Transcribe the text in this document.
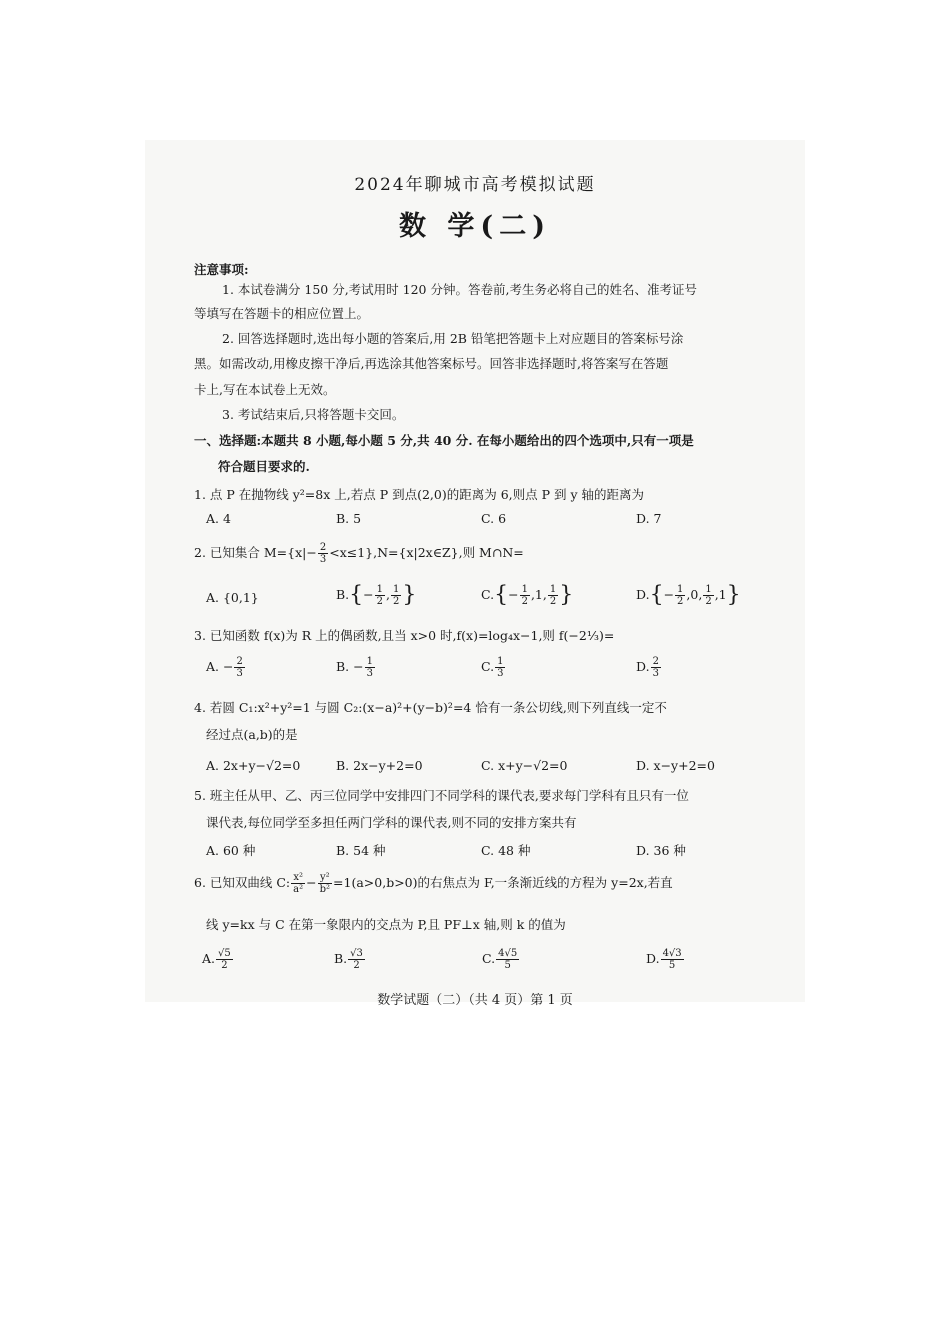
2024年聊城市高考模拟试题
数 学(二)
注意事项:
1. 本试卷满分 150 分,考试用时 120 分钟。答卷前,考生务必将自己的姓名、准考证号
等填写在答题卡的相应位置上。
2. 回答选择题时,选出每小题的答案后,用 2B 铅笔把答题卡上对应题目的答案标号涂
黑。如需改动,用橡皮擦干净后,再选涂其他答案标号。回答非选择题时,将答案写在答题
卡上,写在本试卷上无效。
3. 考试结束后,只将答题卡交回。
一、选择题:本题共 8 小题,每小题 5 分,共 40 分. 在每小题给出的四个选项中,只有一项是
符合题目要求的.
1. 点 P 在抛物线 y²=8x 上,若点 P 到点(2,0)的距离为 6,则点 P 到 y 轴的距离为
A. 4	B. 5	C. 6	D. 7
2. 已知集合 $M=\{x|- \frac{2}{3}$ <x≤1},N={x|2x∈Z},则 M∩N=
A. {0,1}	$B.\{- \frac{1}{2}$ , $\frac{1}{2}$ }	$C.\{- \frac{1}{2} ,1$, $\frac{1}{2}$ }	$D.\{- \frac{1}{2} ,0$, $\frac{1}{2} ,1$}
3. 已知函数 f(x)为 R 上的偶函数,且当 x>0 时,f(x)=log₄x−1,则 f(−2⅓)=
A. − $\frac{2}{3}$	B. − $\frac{1}{3}$	C. $\frac{1}{3}$	D. $\frac{2}{3}$
4. 若圆 C₁:x²+y²=1 与圆 C₂:(x−a)²+(y−b)²=4 恰有一条公切线,则下列直线一定不
经过点(a,b)的是
A. 2x+y−√2=0	B. 2x−y+2=0	C. x+y−√2=0	D. x−y+2=0
5. 班主任从甲、乙、丙三位同学中安排四门不同学科的课代表,要求每门学科有且只有一位
课代表,每位同学至多担任两门学科的课代表,则不同的安排方案共有
A. 60 种	B. 54 种	C. 48 种	D. 36 种
6. 已知双曲线 C: $\frac{\text{x²}}{\text{a²}} - \frac{\text{y²}}{\text{b²}} =1(a>0,b>0)$的右焦点为 F,一条渐近线的方程为 y=2x,若直
线 y=kx 与 C 在第一象限内的交点为 P,且 PF⊥x 轴,则 k 的值为
A. $\frac{√5}{2}$	B. $\frac{√3}{2}$	C. $\frac{4√5}{5}$	D. $\frac{4√3}{5}$
数学试题（二）（共 4 页）第 1 页
